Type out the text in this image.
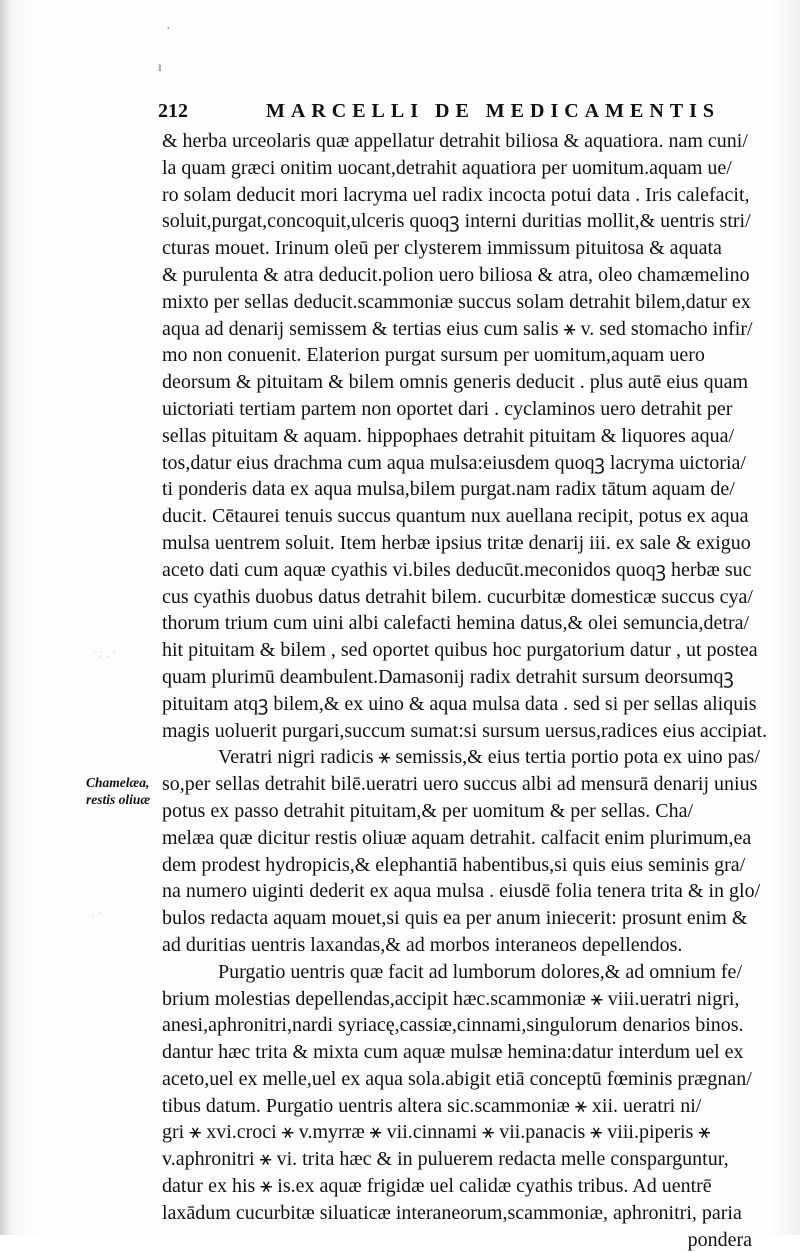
·
ı
212	MARCELLI DE MEDICAMENTIS
Chamelæa,
restis oliuæ
· : . ·
. ·
& herba urceolaris quæ appellatur detrahit biliosa & aquatiora. nam cuni/
la quam græci onitim uocant,detrahit aquatiora per uomitum.aquam ue/
ro solam deducit mori lacryma uel radix incocta potui data . Iris calefacit,
soluit,purgat,concoquit,ulceris quoqꝫ interni duritias mollit,& uentris stri/
cturas mouet. Irinum oleū per clysterem immissum pituitosa & aquata
& purulenta & atra deducit.polion uero biliosa & atra, oleo chamæmelino
mixto per sellas deducit.scammoniæ succus solam detrahit bilem,datur ex
aqua ad denarij semissem & tertias eius cum salis ⚹ v. sed stomacho infir/
mo non conuenit. Elaterion purgat sursum per uomitum,aquam uero
deorsum & pituitam & bilem omnis generis deducit . plus autē eius quam
uictoriati tertiam partem non oportet dari . cyclaminos uero detrahit per
sellas pituitam & aquam. hippophaes detrahit pituitam & liquores aqua/
tos,datur eius drachma cum aqua mulsa:eiusdem quoqꝫ lacryma uictoria/
ti ponderis data ex aqua mulsa,bilem purgat.nam radix tātum aquam de/
ducit. Cētaurei tenuis succus quantum nux auellana recipit, potus ex aqua
mulsa uentrem soluit. Item herbæ ipsius tritæ denarij iii. ex sale & exiguo
aceto dati cum aquæ cyathis vi.biles deducūt.meconidos quoqꝫ herbæ suc
cus cyathis duobus datus detrahit bilem. cucurbitæ domesticæ succus cya/
thorum trium cum uini albi calefacti hemina datus,& olei semuncia,detra/
hit pituitam & bilem , sed oportet quibus hoc purgatorium datur , ut postea
quam plurimū deambulent.Damasonij radix detrahit sursum deorsumqꝫ
pituitam atqꝫ bilem,& ex uino & aqua mulsa data . sed si per sellas aliquis
magis uoluerit purgari,succum sumat:si sursum uersus,radices eius accipiat.
Veratri nigri radicis ⚹ semissis,& eius tertia portio pota ex uino pas/
so,per sellas detrahit bilē.ueratri uero succus albi ad mensurā denarij unius
potus ex passo detrahit pituitam,& per uomitum & per sellas. Cha/
melæa quæ dicitur restis oliuæ aquam detrahit. calfacit enim plurimum,ea
dem prodest hydropicis,& elephantiā habentibus,si quis eius seminis gra/
na numero uiginti dederit ex aqua mulsa . eiusdē folia tenera trita & in glo/
bulos redacta aquam mouet,si quis ea per anum iniecerit: prosunt enim &
ad duritias uentris laxandas,& ad morbos interaneos depellendos.
Purgatio uentris quæ facit ad lumborum dolores,& ad omnium fe/
brium molestias depellendas,accipit hæc.scammoniæ ⚹ viii.ueratri nigri,
anesi,aphronitri,nardi syriacę,cassiæ,cinnami,singulorum denarios binos.
dantur hæc trita & mixta cum aquæ mulsæ hemina:datur interdum uel ex
aceto,uel ex melle,uel ex aqua sola.abigit etiā conceptū fœminis prægnan/
tibus datum. Purgatio uentris altera sic.scammoniæ ⚹ xii. ueratri ni/
gri ⚹ xvi.croci ⚹ v.myrræ ⚹ vii.cinnami ⚹ vii.panacis ⚹ viii.piperis ⚹
v.aphronitri ⚹ vi. trita hæc & in puluerem redacta melle consparguntur,
datur ex his ⚹ is.ex aquæ frigidæ uel calidæ cyathis tribus. Ad uentrē
laxādum cucurbitæ siluaticæ interaneorum,scammoniæ, aphronitri, paria
pondera
